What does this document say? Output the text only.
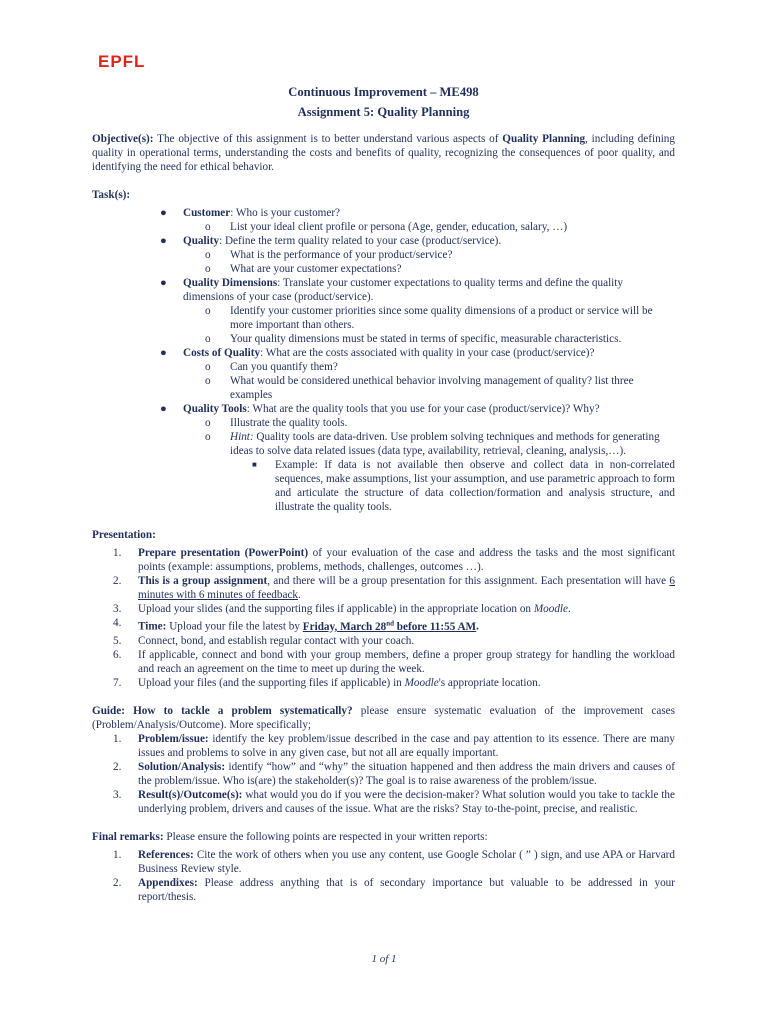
EPFL
Continuous Improvement – ME498
Assignment 5: Quality Planning

Objective(s): The objective of this assignment is to better understand various aspects of Quality Planning, including defining quality in operational terms, understanding the costs and benefits of quality, recognizing the consequences of poor quality, and identifying the need for ethical behavior.

Task(s):

● Customer: Who is your customer?

o List your ideal client profile or persona (Age, gender, education, salary, …)

● Quality: Define the term quality related to your case (product/service).

o What is the performance of your product/service?

o What are your customer expectations?

● Quality Dimensions: Translate your customer expectations to quality terms and define the quality dimensions of your case (product/service).

o Identify your customer priorities since some quality dimensions of a product or service will be more important than others.

o Your quality dimensions must be stated in terms of specific, measurable characteristics.

● Costs of Quality: What are the costs associated with quality in your case (product/service)?

o Can you quantify them?

o What would be considered unethical behavior involving management of quality? list three examples

● Quality Tools: What are the quality tools that you use for your case (product/service)? Why?

o Illustrate the quality tools.

o Hint: Quality tools are data-driven. Use problem solving techniques and methods for generating ideas to solve data related issues (data type, availability, retrieval, cleaning, analysis,…).

■ Example: If data is not available then observe and collect data in non-correlated sequences, make assumptions, list your assumption, and use parametric approach to form and articulate the structure of data collection/formation and analysis structure, and illustrate the quality tools.

Presentation:

1. Prepare presentation (PowerPoint) of your evaluation of the case and address the tasks and the most significant points (example: assumptions, problems, methods, challenges, outcomes …).

2. This is a group assignment, and there will be a group presentation for this assignment. Each presentation will have 6 minutes with 6 minutes of feedback.

3. Upload your slides (and the supporting files if applicable) in the appropriate location on Moodle.

4. Time: Upload your file the latest by Friday, March 28nd before 11:55 AM.

5. Connect, bond, and establish regular contact with your coach.

6. If applicable, connect and bond with your group members, define a proper group strategy for handling the workload and reach an agreement on the time to meet up during the week.

7. Upload your files (and the supporting files if applicable) in Moodle's appropriate location.

Guide: How to tackle a problem systematically? please ensure systematic evaluation of the improvement cases (Problem/Analysis/Outcome). More specifically;

1. Problem/issue: identify the key problem/issue described in the case and pay attention to its essence. There are many issues and problems to solve in any given case, but not all are equally important.

2. Solution/Analysis: identify “how” and “why” the situation happened and then address the main drivers and causes of the problem/issue. Who is(are) the stakeholder(s)? The goal is to raise awareness of the problem/issue.

3. Result(s)/Outcome(s): what would you do if you were the decision-maker? What solution would you take to tackle the underlying problem, drivers and causes of the issue. What are the risks? Stay to-the-point, precise, and realistic.

Final remarks: Please ensure the following points are respected in your written reports:

1. References: Cite the work of others when you use any content, use Google Scholar ( ” ) sign, and use APA or Harvard Business Review style.

2. Appendixes: Please address anything that is of secondary importance but valuable to be addressed in your report/thesis.

1 of 1
